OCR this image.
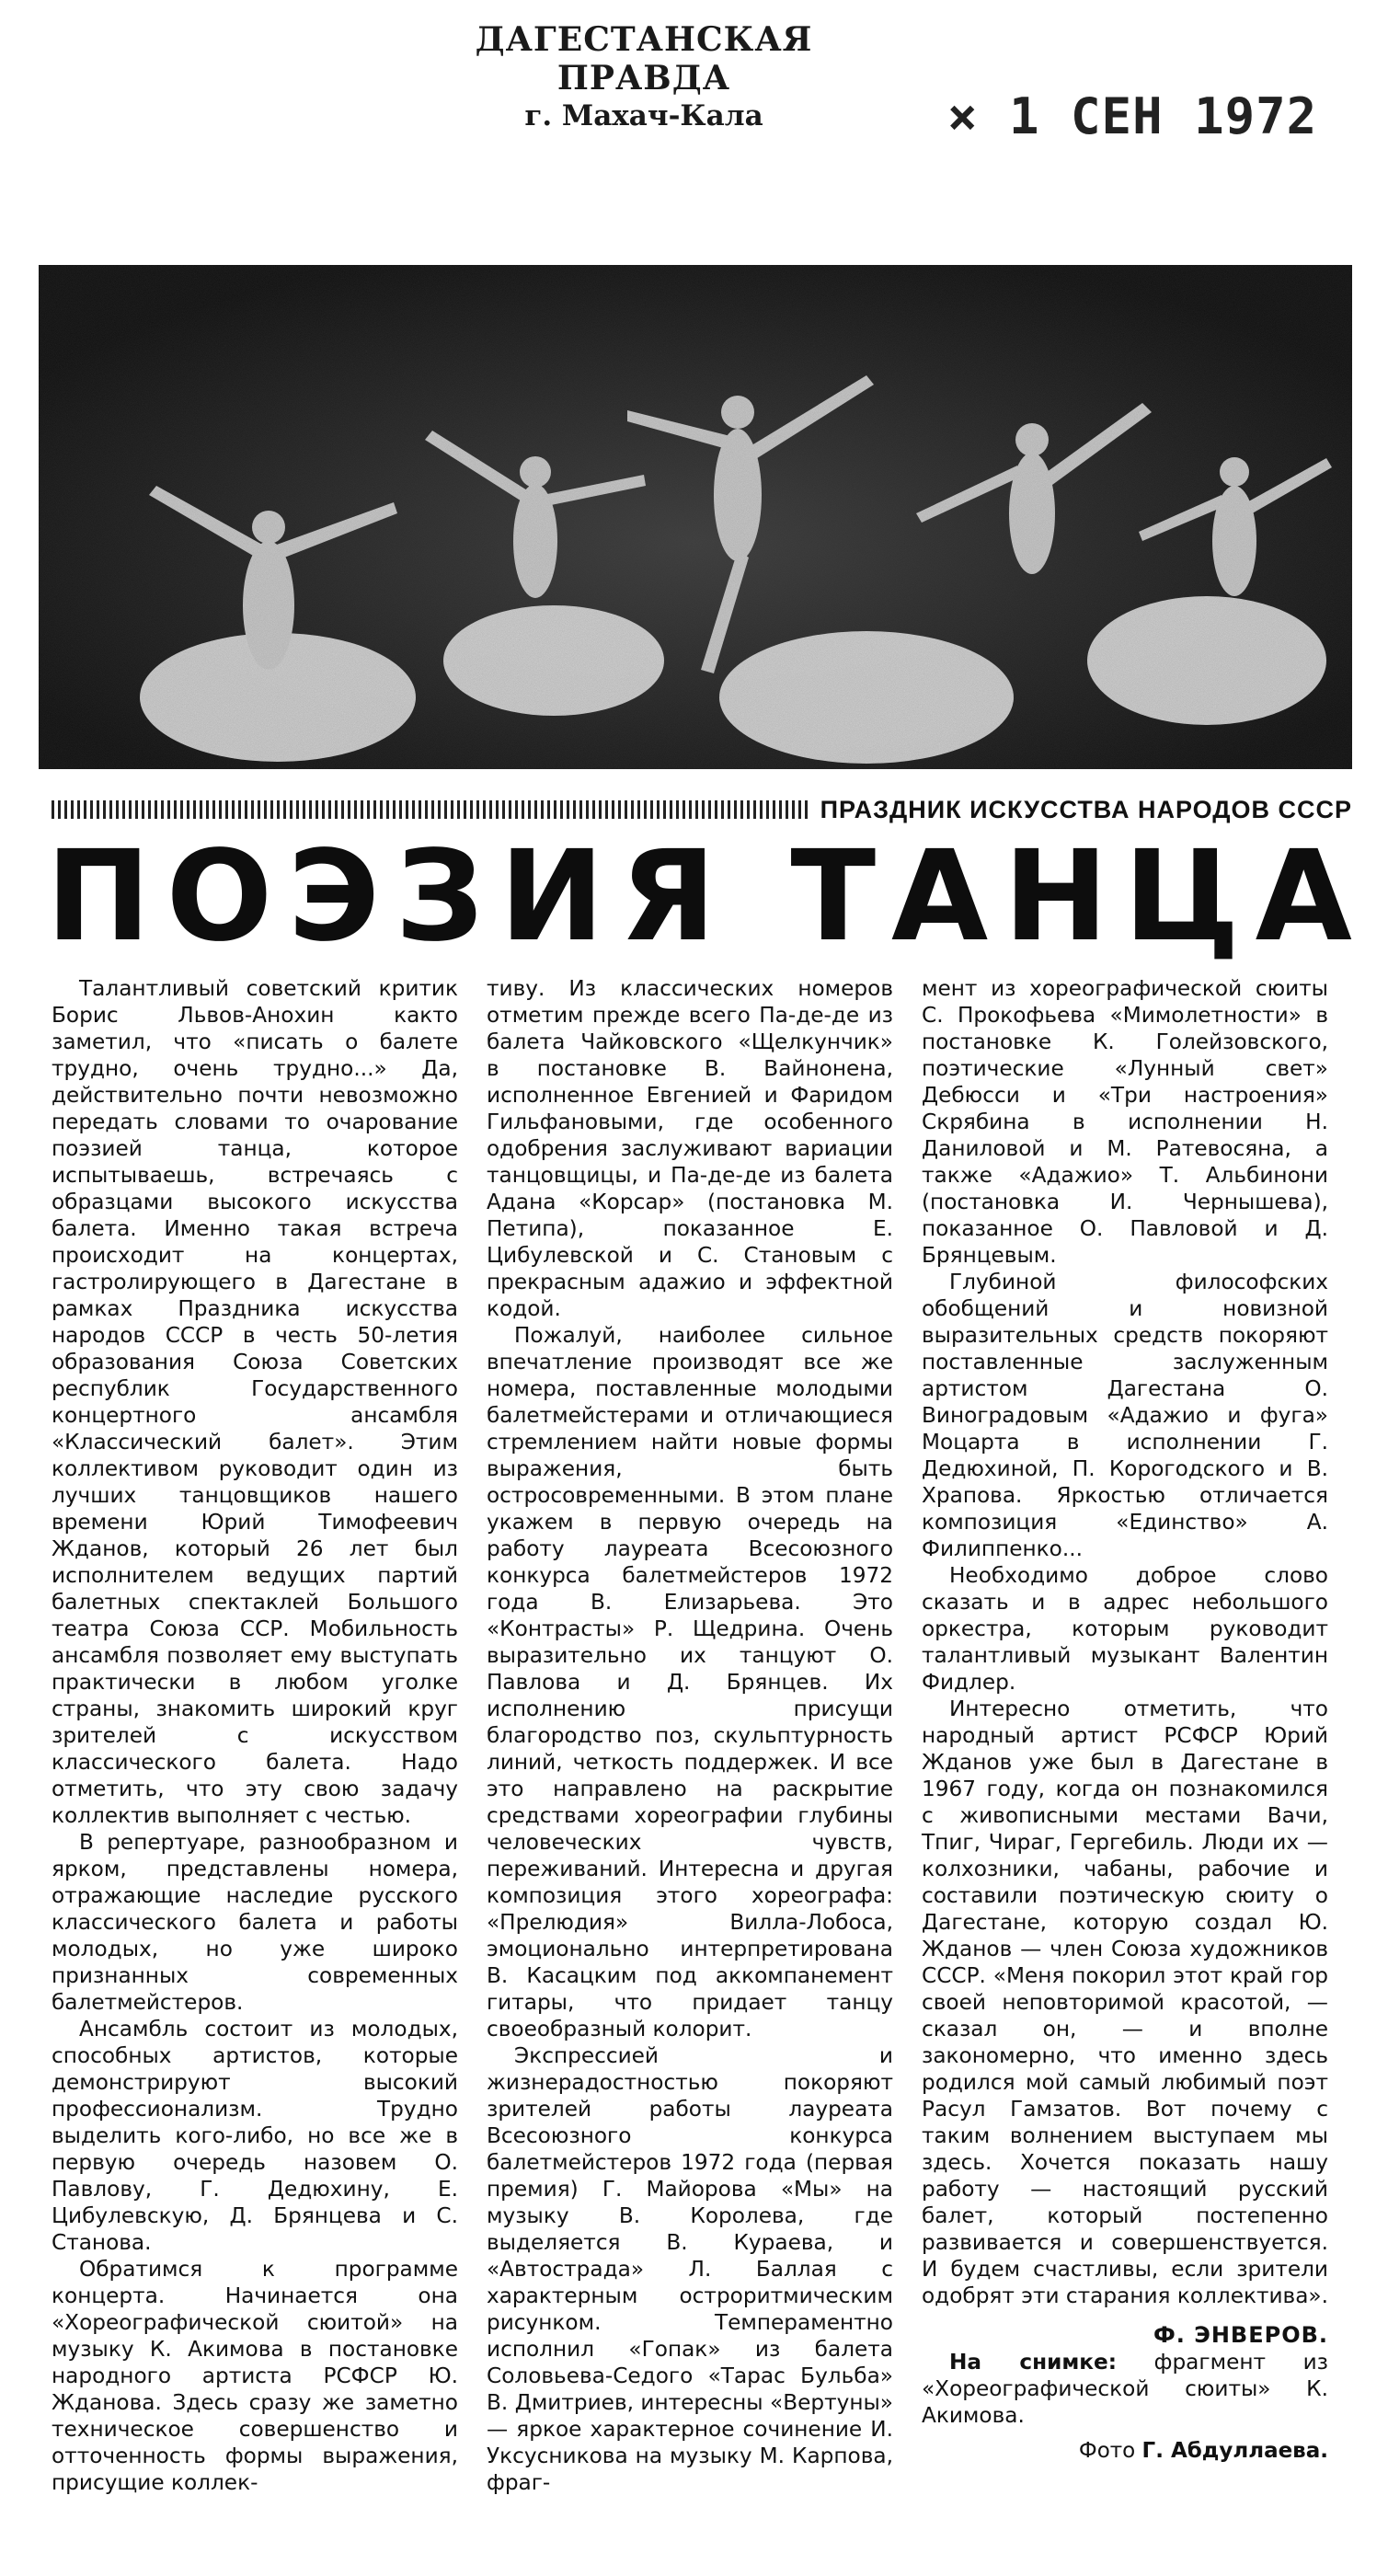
ДАГЕСТАНСКАЯ ПРАВДА
г. Махач-Кала	× 1 СЕН 1972
ПРАЗДНИК ИСКУССТВА НАРОДОВ СССР
П О Э З И Я
Т А Н Ц А

Талантливый советский критик Борис Львов-Анохин както заметил, что «писать о балете трудно, очень трудно...» Да, действительно почти невозможно передать словами то очарование поэзией танца, которое испытываешь, встречаясь с образцами высокого искусства балета. Именно такая встреча происходит на концертах, гастролирующего в Дагестане в рамках Праздника искусства народов СССР в честь 50-летия образования Союза Советских республик Государственного концертного ансамбля «Классический балет». Этим коллективом руководит один из лучших танцовщиков нашего времени Юрий Тимофеевич Жданов, который 26 лет был исполнителем ведущих партий балетных спектаклей Большого театра Союза ССР. Мобильность ансамбля позволяет ему выступать практически в любом уголке страны, знакомить широкий круг зрителей с искусством классического балета. Надо отметить, что эту свою задачу коллектив выполняет с честью.

В репертуаре, разнообразном и ярком, представлены номера, отражающие наследие русского классического балета и работы молодых, но уже широко признанных современных балетмейстеров.

Ансамбль состоит из молодых, способных артистов, которые демонстрируют высокий профессионализм. Трудно выделить кого-либо, но все же в первую очередь назовем О. Павлову, Г. Дедюхину, Е. Цибулевскую, Д. Брянцева и С. Станова.

Обратимся к программе концерта. Начинается она «Хореографической сюитой» на музыку К. Акимова в постановке народного артиста РСФСР Ю. Жданова. Здесь сразу же заметно техническое совершенство и отточенность формы выражения, присущие коллек-

тиву. Из классических номеров отметим прежде всего Па-де-де из балета Чайковского «Щелкунчик» в постановке В. Вайнонена, исполненное Евгенией и Фаридом Гильфановыми, где особенного одобрения заслуживают вариации танцовщицы, и Па-де-де из балета Адана «Корсар» (постановка М. Петипа), показанное Е. Цибулевской и С. Становым с прекрасным адажио и эффектной кодой.

Пожалуй, наиболее сильное впечатление производят все же номера, поставленные молодыми балетмейстерами и отличающиеся стремлением найти новые формы выражения, быть остросовременными. В этом плане укажем в первую очередь на работу лауреата Всесоюзного конкурса балетмейстеров 1972 года В. Елизарьева. Это «Контрасты» Р. Щедрина. Очень выразительно их танцуют О. Павлова и Д. Брянцев. Их исполнению присущи благородство поз, скульптурность линий, четкость поддержек. И все это направлено на раскрытие средствами хореографии глубины человеческих чувств, переживаний. Интересна и другая композиция этого хореографа: «Прелюдия» Вилла-Лобоса, эмоционально интерпретирована В. Касацким под аккомпанемент гитары, что придает танцу своеобразный колорит.

Экспрессией и жизнерадостностью покоряют зрителей работы лауреата Всесоюзного конкурса балетмейстеров 1972 года (первая премия) Г. Майорова «Мы» на музыку В. Королева, где выделяется В. Кураева, и «Автострада» Л. Баллая с характерным остроритмическим рисунком. Темпераментно исполнил «Гопак» из балета Соловьева-Седого «Тарас Бульба» В. Дмитриев, интересны «Вертуны» — яркое характерное сочинение И. Уксусникова на музыку М. Карпова, фраг-

мент из хореографической сюиты С. Прокофьева «Мимолетности» в постановке К. Голейзовского, поэтические «Лунный свет» Дебюсси и «Три настроения» Скрябина в исполнении Н. Даниловой и М. Ратевосяна, а также «Адажио» Т. Альбинони (постановка И. Чернышева), показанное О. Павловой и Д. Брянцевым.

Глубиной философских обобщений и новизной выразительных средств покоряют поставленные заслуженным артистом Дагестана О. Виноградовым «Адажио и фуга» Моцарта в исполнении Г. Дедюхиной, П. Корогодского и В. Храпова. Яркостью отличается композиция «Единство» А. Филиппенко...

Необходимо доброе слово сказать и в адрес небольшого оркестра, которым руководит талантливый музыкант Валентин Фидлер.

Интересно отметить, что народный артист РСФСР Юрий Жданов уже был в Дагестане в 1967 году, когда он познакомился с живописными местами Вачи, Тпиг, Чираг, Гергебиль. Люди их — колхозники, чабаны, рабочие и составили поэтическую сюиту о Дагестане, которую создал Ю. Жданов — член Союза художников СССР. «Меня покорил этот край гор своей неповторимой красотой, — сказал он, — и вполне закономерно, что именно здесь родился мой самый любимый поэт Расул Гамзатов. Вот почему с таким волнением выступаем мы здесь. Хочется показать нашу работу — настоящий русский балет, который постепенно развивается и совершенствуется. И будем счастливы, если зрители одобрят эти старания коллектива».

Ф. ЭНВЕРОВ.

На снимке: фрагмент из «Хореографической сюиты» К. Акимова.

Фото Г. Абдуллаева.
